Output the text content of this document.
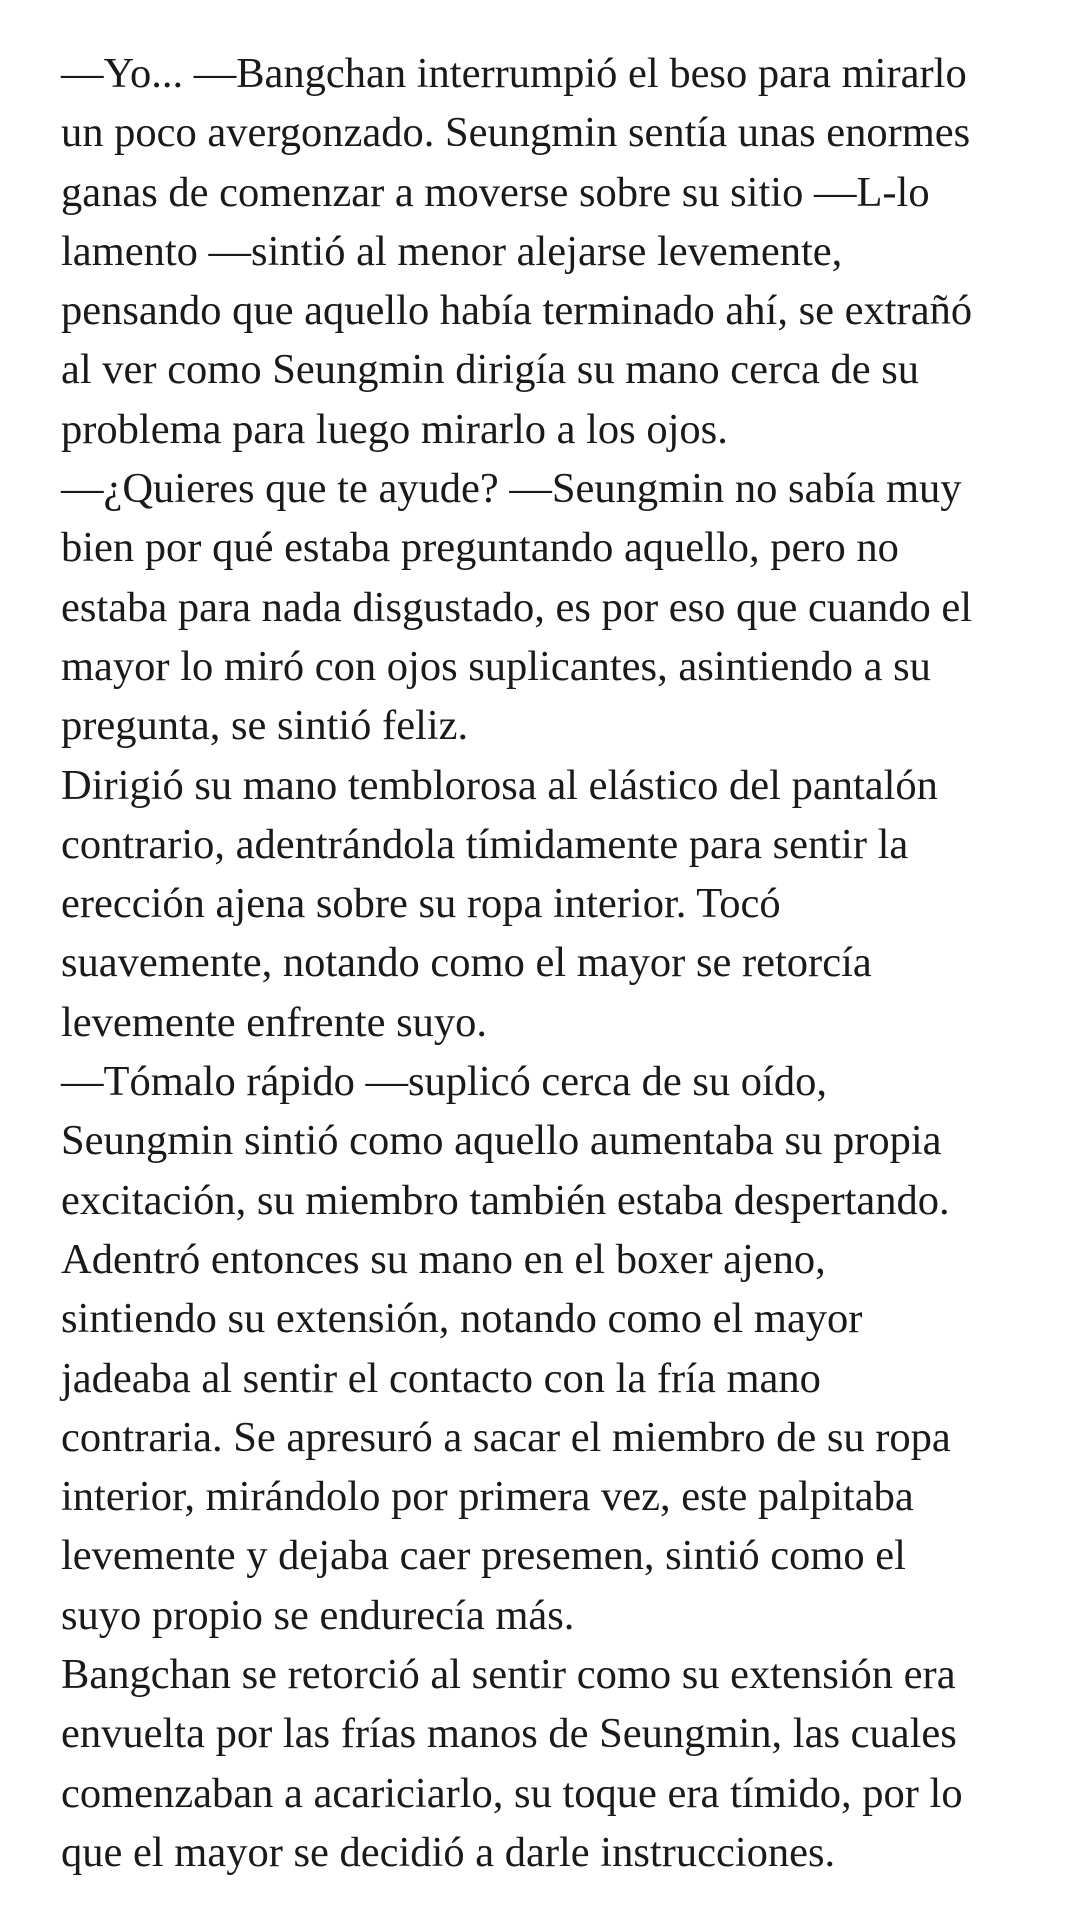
—Yo... —Bangchan interrumpió el beso para mirarlo
un poco avergonzado. Seungmin sentía unas enormes
ganas de comenzar a moverse sobre su sitio —L-lo
lamento —sintió al menor alejarse levemente,
pensando que aquello había terminado ahí, se extrañó
al ver como Seungmin dirigía su mano cerca de su
problema para luego mirarlo a los ojos.

—¿Quieres que te ayude? —Seungmin no sabía muy
bien por qué estaba preguntando aquello, pero no
estaba para nada disgustado, es por eso que cuando el
mayor lo miró con ojos suplicantes, asintiendo a su
pregunta, se sintió feliz.

Dirigió su mano temblorosa al elástico del pantalón
contrario, adentrándola tímidamente para sentir la
erección ajena sobre su ropa interior. Tocó
suavemente, notando como el mayor se retorcía
levemente enfrente suyo.

—Tómalo rápido —suplicó cerca de su oído,
Seungmin sintió como aquello aumentaba su propia
excitación, su miembro también estaba despertando.
Adentró entonces su mano en el boxer ajeno,
sintiendo su extensión, notando como el mayor
jadeaba al sentir el contacto con la fría mano
contraria. Se apresuró a sacar el miembro de su ropa
interior, mirándolo por primera vez, este palpitaba
levemente y dejaba caer presemen, sintió como el
suyo propio se endurecía más.

Bangchan se retorció al sentir como su extensión era
envuelta por las frías manos de Seungmin, las cuales
comenzaban a acariciarlo, su toque era tímido, por lo
que el mayor se decidió a darle instrucciones.
